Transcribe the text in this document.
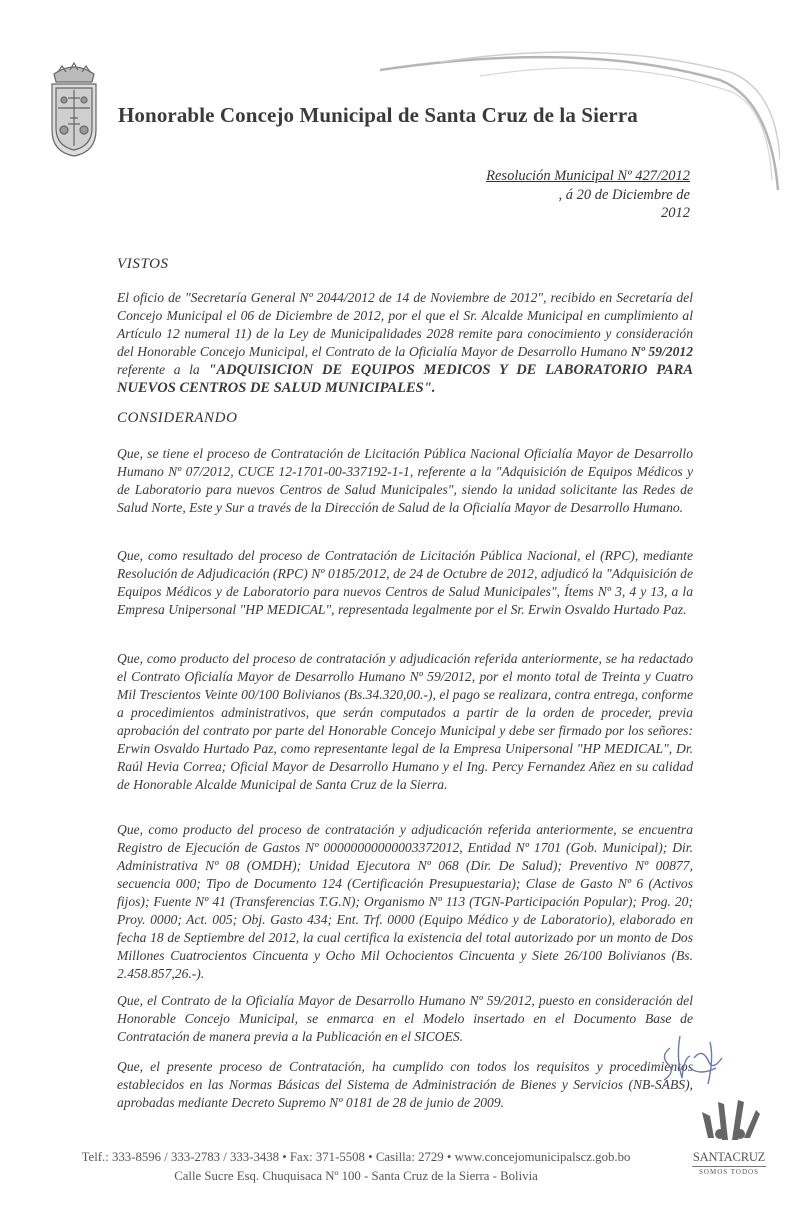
Honorable Concejo Municipal de Santa Cruz de la Sierra
Resolución Municipal Nº 427/2012
, á 20 de Diciembre de
2012
VISTOS

El oficio de "Secretaría General Nº 2044/2012 de 14 de Noviembre de 2012", recibido en Secretaría del Concejo Municipal el 06 de Diciembre de 2012, por el que el Sr. Alcalde Municipal en cumplimiento al Artículo 12 numeral 11) de la Ley de Municipalidades 2028 remite para conocimiento y consideración del Honorable Concejo Municipal, el Contrato de la Oficialía Mayor de Desarrollo Humano Nº 59/2012 referente a la "ADQUISICION DE EQUIPOS MEDICOS Y DE LABORATORIO PARA NUEVOS CENTROS DE SALUD MUNICIPALES".

CONSIDERANDO

Que, se tiene el proceso de Contratación de Licitación Pública Nacional Oficialía Mayor de Desarrollo Humano Nº 07/2012, CUCE 12-1701-00-337192-1-1, referente a la "Adquisición de Equipos Médicos y de Laboratorio para nuevos Centros de Salud Municipales", siendo la unidad solicitante las Redes de Salud Norte, Este y Sur a través de la Dirección de Salud de la Oficialía Mayor de Desarrollo Humano.

Que, como resultado del proceso de Contratación de Licitación Pública Nacional, el (RPC), mediante Resolución de Adjudicación (RPC) Nº 0185/2012, de 24 de Octubre de 2012, adjudicó la "Adquisición de Equipos Médicos y de Laboratorio para nuevos Centros de Salud Municipales", Ítems Nº 3, 4 y 13, a la Empresa Unipersonal "HP MEDICAL", representada legalmente por el Sr. Erwin Osvaldo Hurtado Paz.

Que, como producto del proceso de contratación y adjudicación referida anteriormente, se ha redactado el Contrato Oficialía Mayor de Desarrollo Humano Nº 59/2012, por el monto total de Treinta y Cuatro Mil Trescientos Veinte 00/100 Bolivianos (Bs.34.320,00.-), el pago se realizara, contra entrega, conforme a procedimientos administrativos, que serán computados a partir de la orden de proceder, previa aprobación del contrato por parte del Honorable Concejo Municipal y debe ser firmado por los señores: Erwin Osvaldo Hurtado Paz, como representante legal de la Empresa Unipersonal "HP MEDICAL", Dr. Raúl Hevia Correa; Oficial Mayor de Desarrollo Humano y el Ing. Percy Fernandez Añez en su calidad de Honorable Alcalde Municipal de Santa Cruz de la Sierra.

Que, como producto del proceso de contratación y adjudicación referida anteriormente, se encuentra Registro de Ejecución de Gastos Nº 00000000000003372012, Entidad Nº 1701 (Gob. Municipal); Dir. Administrativa Nº 08 (OMDH); Unidad Ejecutora Nº 068 (Dir. De Salud); Preventivo Nº 00877, secuencia 000; Tipo de Documento 124 (Certificación Presupuestaria); Clase de Gasto Nº 6 (Activos fijos); Fuente Nº 41 (Transferencias T.G.N); Organismo Nº 113 (TGN-Participación Popular); Prog. 20; Proy. 0000; Act. 005; Obj. Gasto 434; Ent. Trf. 0000 (Equipo Médico y de Laboratorio), elaborado en fecha 18 de Septiembre del 2012, la cual certifica la existencia del total autorizado por un monto de Dos Millones Cuatrocientos Cincuenta y Ocho Mil Ochocientos Cincuenta y Siete 26/100 Bolivianos (Bs. 2.458.857,26.-).

Que, el Contrato de la Oficialía Mayor de Desarrollo Humano Nº 59/2012, puesto en consideración del Honorable Concejo Municipal, se enmarca en el Modelo insertado en el Documento Base de Contratación de manera previa a la Publicación en el SICOES.

Que, el presente proceso de Contratación, ha cumplido con todos los requisitos y procedimientos establecidos en las Normas Básicas del Sistema de Administración de Bienes y Servicios (NB-SABS), aprobadas mediante Decreto Supremo Nº 0181 de 28 de junio de 2009.

SANTACRUZ
SOMOS TODOS
Telf.: 333-8596 / 333-2783 / 333-3438 • Fax: 371-5508 • Casilla: 2729 • www.concejomunicipalscz.gob.bo
Calle Sucre Esq. Chuquisaca Nº 100 - Santa Cruz de la Sierra - Bolivia
